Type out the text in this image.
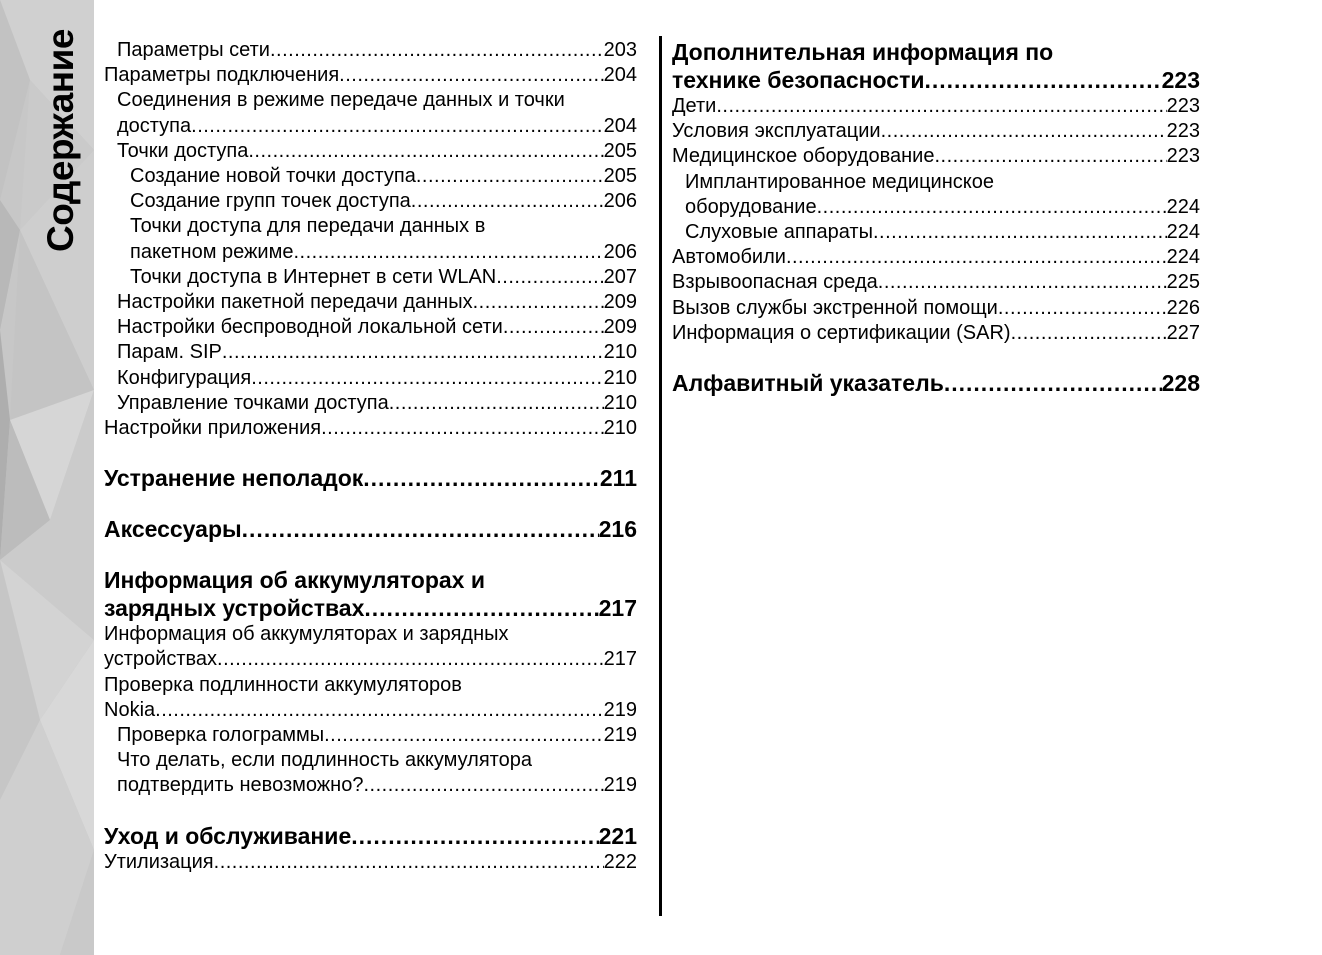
Содержание Параметры сети .....	203
Параметры подключения .....	204
Соединения в режиме передаче данных и точки
доступа .....	204
Точки доступа .....	205
Создание новой точки доступа .....	205
Создание групп точек доступа .....	206
Точки доступа для передачи данных в
пакетном режиме .....	206
Точки доступа в Интернет в сети WLAN .....	207
Настройки пакетной передачи данных .....	209
Настройки беспроводной локальной сети .....	209
Парам. SIP .....	210
Конфигурация .....	210
Управление точками доступа .....	210
Настройки приложения .....	210
Устранение неполадок .....	211
Аксессуары .....	216
Информация об аккумуляторах и
зарядных устройствах .....	217
Информация об аккумуляторах и зарядных
устройствах .....	217
Проверка подлинности аккумуляторов
Nokia .....	219
Проверка голограммы .....	219
Что делать, если подлинность аккумулятора
подтвердить невозможно? .....	219
Уход и обслуживание .....	221
Утилизация .....	222
Дополнительная информация по
технике безопасности .....	223
Дети .....	223
Условия эксплуатации .....	223
Медицинское оборудование .....	223
Имплантированное медицинское
оборудование .....	224
Слуховые аппараты .....	224
Автомобили .....	224
Взрывоопасная среда .....	225
Вызов службы экстренной помощи .....	226
Информация о сертификации (SAR) .....	227
Алфавитный указатель .....	228
